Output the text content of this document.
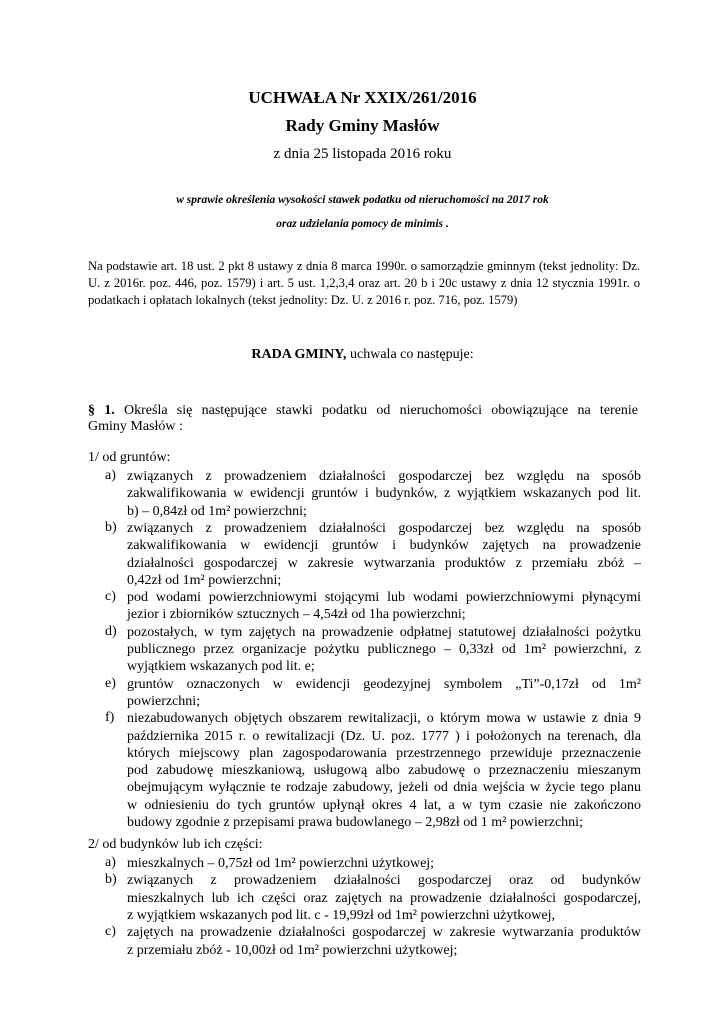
UCHWAŁA Nr XXIX/261/2016
Rady Gminy Masłów
z dnia 25 listopada 2016 roku
w sprawie określenia wysokości stawek podatku od nieruchomości na 2017 rok
oraz udzielania pomocy de minimis .
Na podstawie art. 18 ust. 2 pkt 8 ustawy z dnia 8 marca 1990r. o samorządzie gminnym (tekst jednolity: Dz. U. z 2016r. poz. 446, poz. 1579) i art. 5 ust. 1,2,3,4 oraz art. 20 b i 20c ustawy z dnia 12 stycznia 1991r. o podatkach i opłatach lokalnych (tekst jednolity: Dz. U. z 2016 r. poz. 716, poz. 1579)
RADA GMINY, uchwala co następuje:
§ 1. Określa się następujące stawki podatku od nieruchomości obowiązujące na terenie
Gminy Masłów :
1/ od gruntów:
a) związanych z prowadzeniem działalności gospodarczej bez względu na sposób
zakwalifikowania w ewidencji gruntów i budynków, z wyjątkiem wskazanych pod lit.
b) – 0,84zł od 1m² powierzchni;
b) związanych z prowadzeniem działalności gospodarczej bez względu na sposób
zakwalifikowania w ewidencji gruntów i budynków zajętych na prowadzenie
działalności gospodarczej w zakresie wytwarzania produktów z przemiału zbóż –
0,42zł od 1m² powierzchni;
c) pod wodami powierzchniowymi stojącymi lub wodami powierzchniowymi płynącymi
jezior i zbiorników sztucznych – 4,54zł od 1ha powierzchni;
d) pozostałych, w tym zajętych na prowadzenie odpłatnej statutowej działalności pożytku
publicznego przez organizacje pożytku publicznego – 0,33zł od 1m² powierzchni, z
wyjątkiem wskazanych pod lit. e;
e) gruntów oznaczonych w ewidencji geodezyjnej symbolem „Ti”-0,17zł od 1m²
powierzchni;
f) niezabudowanych objętych obszarem rewitalizacji, o którym mowa w ustawie z dnia 9
października 2015 r. o rewitalizacji (Dz. U. poz. 1777 ) i położonych na terenach, dla
których miejscowy plan zagospodarowania przestrzennego przewiduje przeznaczenie
pod zabudowę mieszkaniową, usługową albo zabudowę o przeznaczeniu mieszanym
obejmującym wyłącznie te rodzaje zabudowy, jeżeli od dnia wejścia w życie tego planu
w odniesieniu do tych gruntów upłynął okres 4 lat, a w tym czasie nie zakończono
budowy zgodnie z przepisami prawa budowlanego – 2,98zł od 1 m² powierzchni;
2/ od budynków lub ich części:
a) mieszkalnych – 0,75zł od 1m² powierzchni użytkowej;
b) związanych z prowadzeniem działalności gospodarczej oraz od budynków
mieszkalnych lub ich części oraz zajętych na prowadzenie działalności gospodarczej,
z wyjątkiem wskazanych pod lit. c - 19,99zł od 1m² powierzchni użytkowej,
c) zajętych na prowadzenie działalności gospodarczej w zakresie wytwarzania produktów
z przemiału zbóż - 10,00zł od 1m² powierzchni użytkowej;
